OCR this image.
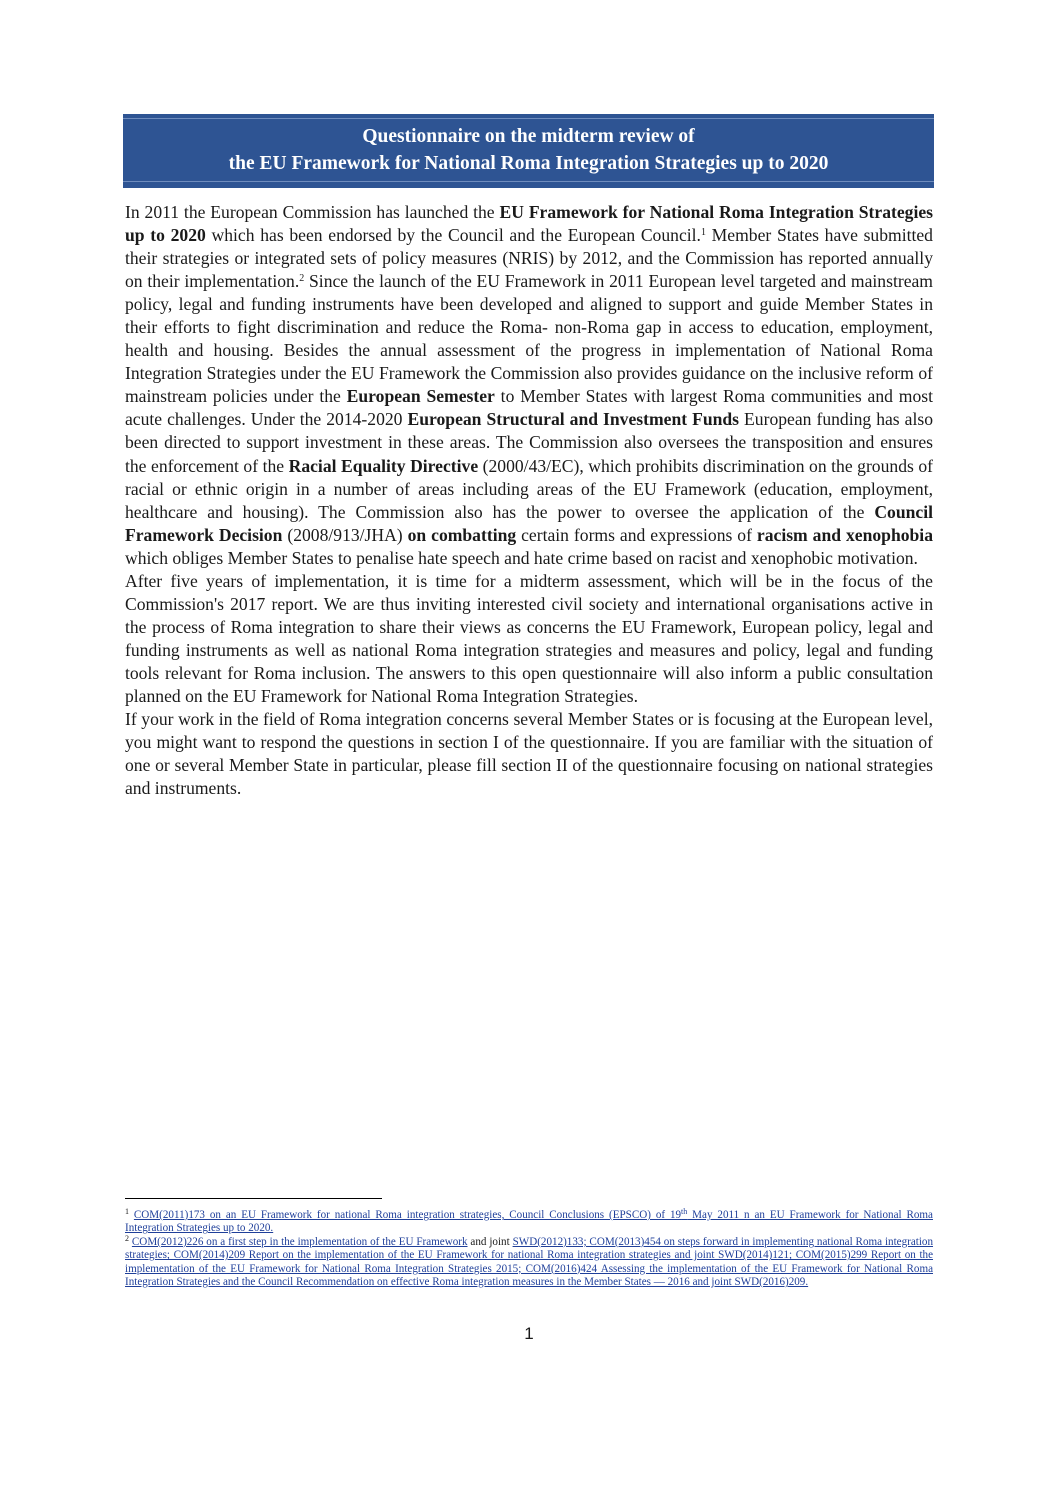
Questionnaire on the midterm review of
the EU Framework for National Roma Integration Strategies up to 2020

In 2011 the European Commission has launched the EU Framework for National Roma Integration Strategies up to 2020 which has been endorsed by the Council and the European Council.$^1$ Member States have submitted their strategies or integrated sets of policy measures (NRIS) by 2012, and the Commission has reported annually on their implementation.$^2$ Since the launch of the EU Framework in 2011 European level targeted and mainstream policy, legal and funding instruments have been developed and aligned to support and guide Member States in their efforts to fight discrimination and reduce the Roma- non-Roma gap in access to education, employment, health and housing. Besides the annual assessment of the progress in implementation of National Roma Integration Strategies under the EU Framework the Commission also provides guidance on the inclusive reform of mainstream policies under the European Semester to Member States with largest Roma communities and most acute challenges. Under the 2014-2020 European Structural and Investment Funds European funding has also been directed to support investment in these areas. The Commission also oversees the transposition and ensures the enforcement of the Racial Equality Directive (2000/43/EC), which prohibits discrimination on the grounds of racial or ethnic origin in a number of areas including areas of the EU Framework (education, employment, healthcare and housing). The Commission also has the power to oversee the application of the Council Framework Decision (2008/913/JHA) on combatting certain forms and expressions of racism and xenophobia which obliges Member States to penalise hate speech and hate crime based on racist and xenophobic motivation.

After five years of implementation, it is time for a midterm assessment, which will be in the focus of the Commission's 2017 report. We are thus inviting interested civil society and international organisations active in the process of Roma integration to share their views as concerns the EU Framework, European policy, legal and funding instruments as well as national Roma integration strategies and measures and policy, legal and funding tools relevant for Roma inclusion. The answers to this open questionnaire will also inform a public consultation planned on the EU Framework for National Roma Integration Strategies.

If your work in the field of Roma integration concerns several Member States or is focusing at the European level, you might want to respond the questions in section I of the questionnaire. If you are familiar with the situation of one or several Member State in particular, please fill section II of the questionnaire focusing on national strategies and instruments.

$^1$ COM(2011)173 on an EU Framework for national Roma integration strategies, Council Conclusions (EPSCO) of 19th May 2011 n an EU Framework for National Roma Integration Strategies up to 2020.

$^2$ COM(2012)226 on a first step in the implementation of the EU Framework and joint SWD(2012)133; COM(2013)454 on steps forward in implementing national Roma integration strategies; COM(2014)209 Report on the implementation of the EU Framework for national Roma integration strategies and joint SWD(2014)121; COM(2015)299 Report on the implementation of the EU Framework for National Roma Integration Strategies 2015; COM(2016)424 Assessing the implementation of the EU Framework for National Roma Integration Strategies and the Council Recommendation on effective Roma integration measures in the Member States — 2016 and joint SWD(2016)209.

1
